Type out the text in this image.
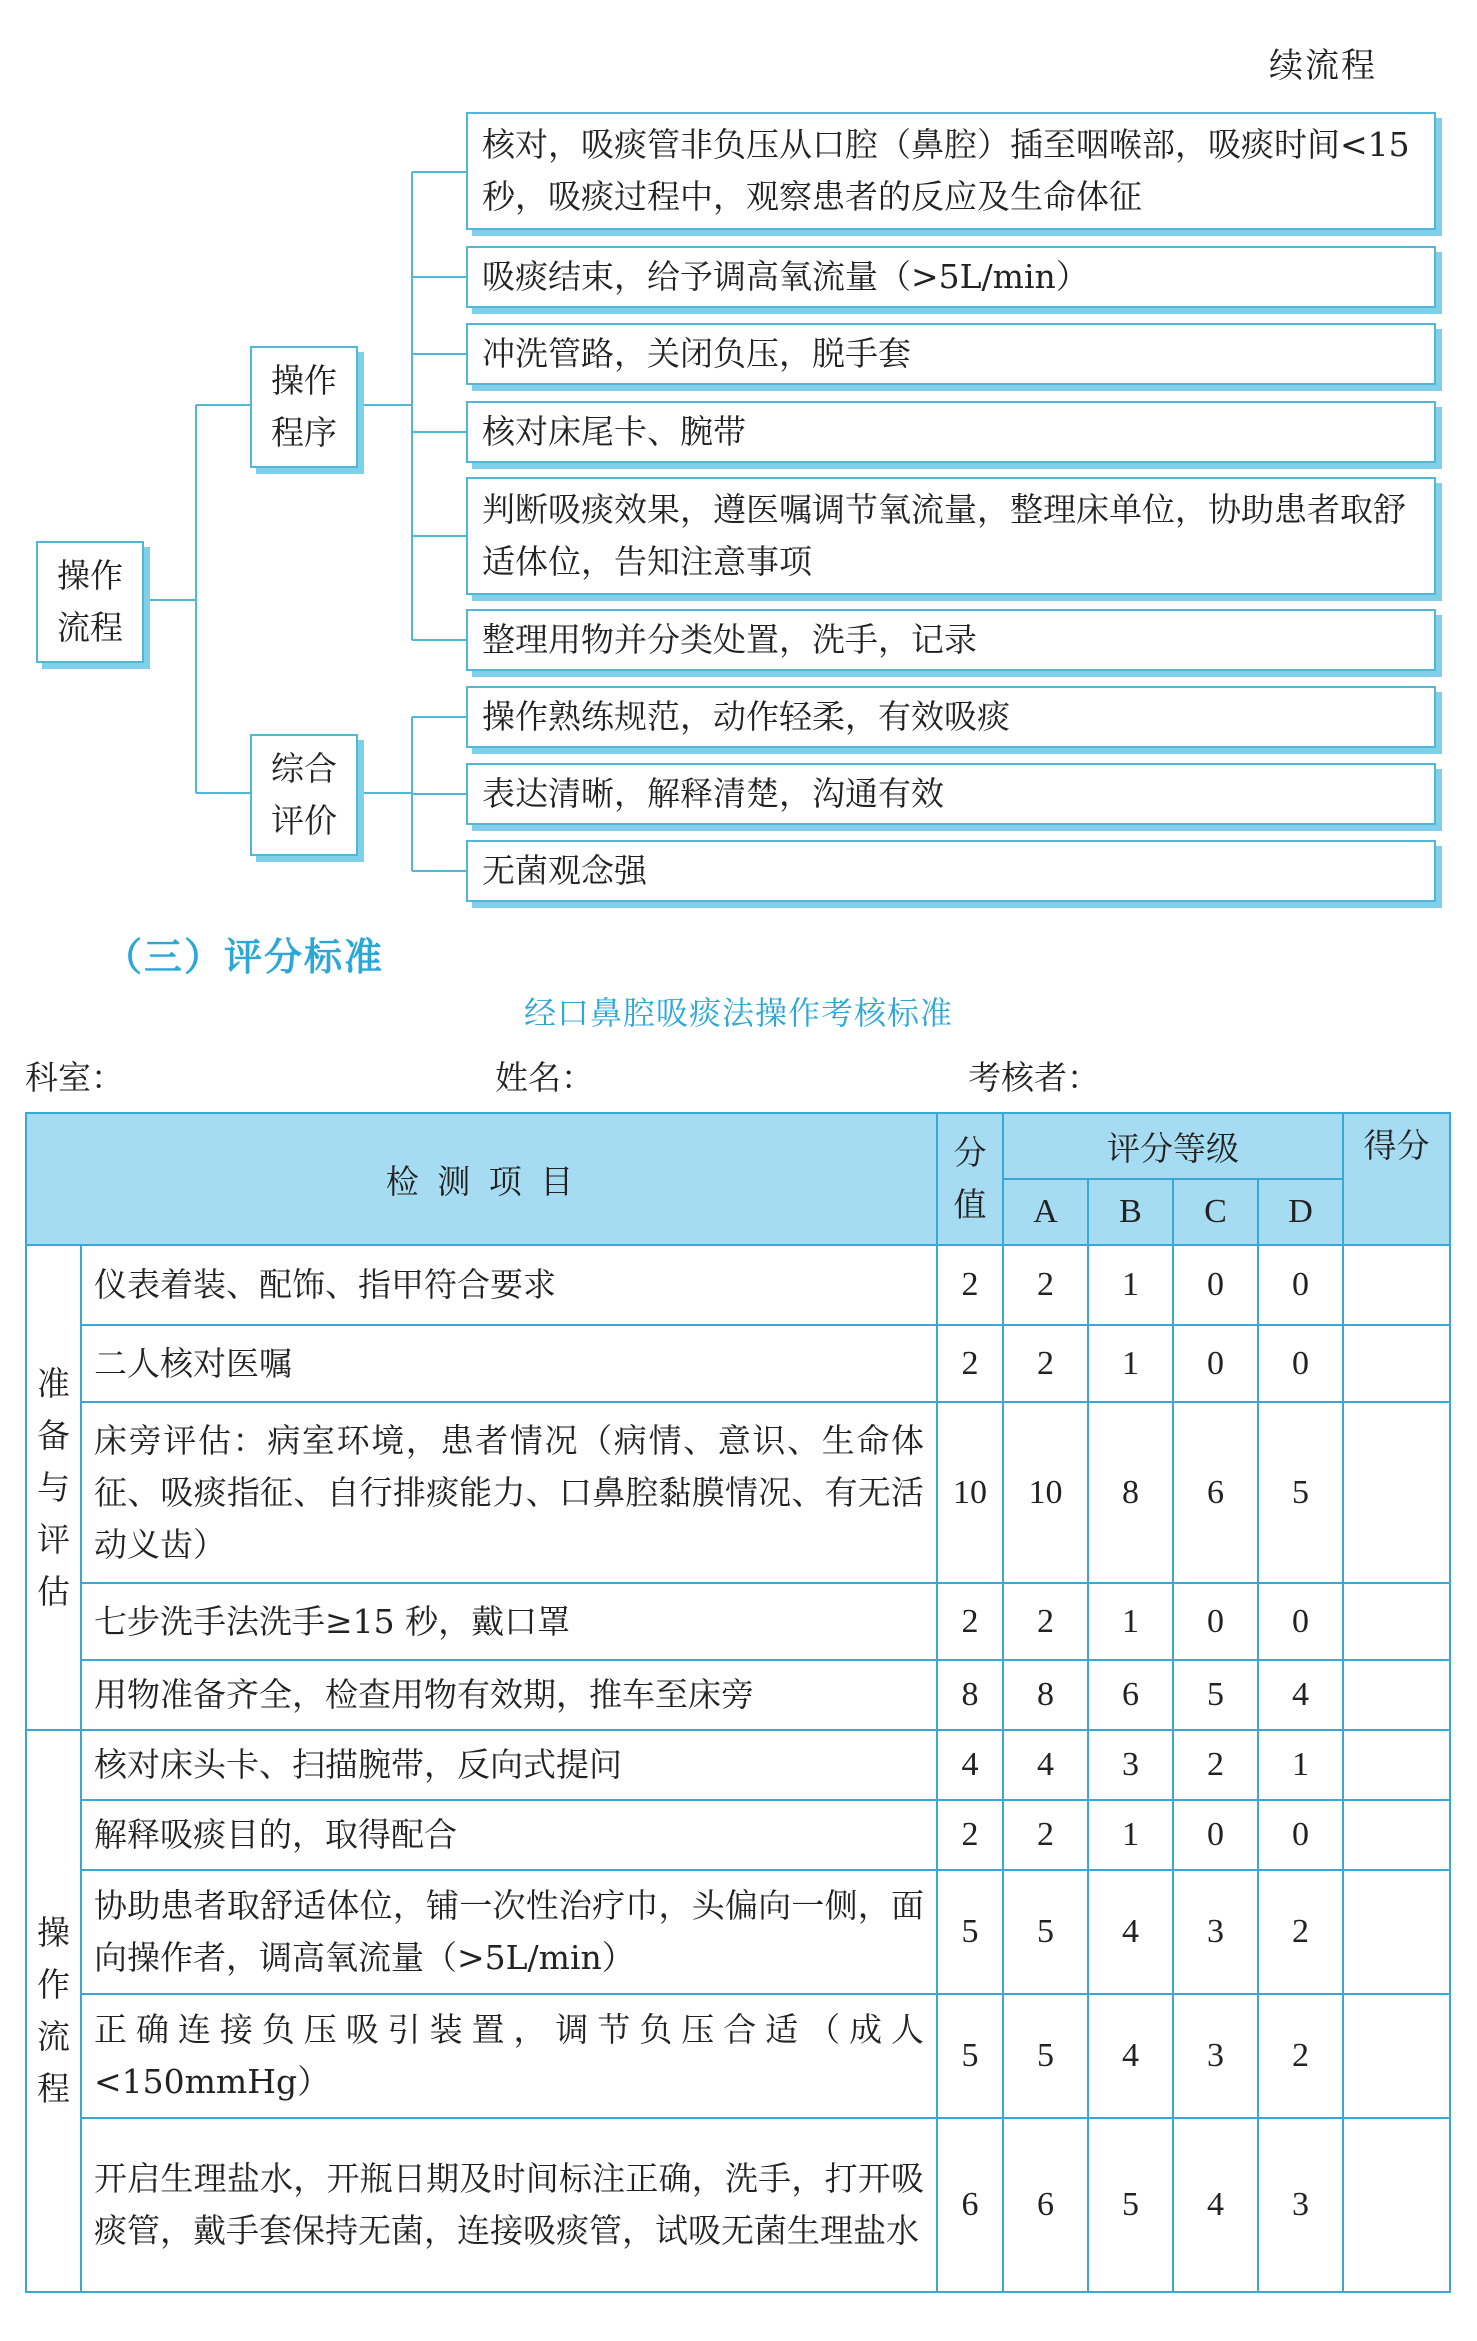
续流程
操作流程
操作程序
综合评价
核对，吸痰管非负压从口腔（鼻腔）插至咽喉部，吸痰时间<15 秒，吸痰过程中，观察患者的反应及生命体征
吸痰结束，给予调高氧流量（>5L/min）
冲洗管路，关闭负压，脱手套
核对床尾卡、腕带
判断吸痰效果，遵医嘱调节氧流量，整理床单位，协助患者取舒适体位，告知注意事项
整理用物并分类处置，洗手，记录
操作熟练规范，动作轻柔，有效吸痰
表达清晰，解释清楚，沟通有效
无菌观念强
（三）评分标准
经口鼻腔吸痰法操作考核标准
科室：	姓名：	考核者：
检 测 项 目		分值	评分等级				得分
			A	B	C	D	
准备与评估	仪表着装、配饰、指甲符合要求	2	2	1	0	0	
	二人核对医嘱	2	2	1	0	0	
	床旁评估：病室环境，患者情况（病情、意识、生命体征、吸痰指征、自行排痰能力、口鼻腔黏膜情况、有无活动义齿）	10	10	8	6	5	
	七步洗手法洗手≥15 秒，戴口罩	2	2	1	0	0	
	用物准备齐全，检查用物有效期，推车至床旁	8	8	6	5	4	
操作流程	核对床头卡、扫描腕带，反向式提问	4	4	3	2	1	
	解释吸痰目的，取得配合	2	2	1	0	0	
	协助患者取舒适体位，铺一次性治疗巾，头偏向一侧，面向操作者，调高氧流量（>5L/min）	5	5	4	3	2	
	正确连接负压吸引装置，调节负压合适（成人<150mmHg）	5	5	4	3	2	
	开启生理盐水，开瓶日期及时间标注正确，洗手，打开吸痰管，戴手套保持无菌，连接吸痰管，试吸无菌生理盐水	6	6	5	4	3	
